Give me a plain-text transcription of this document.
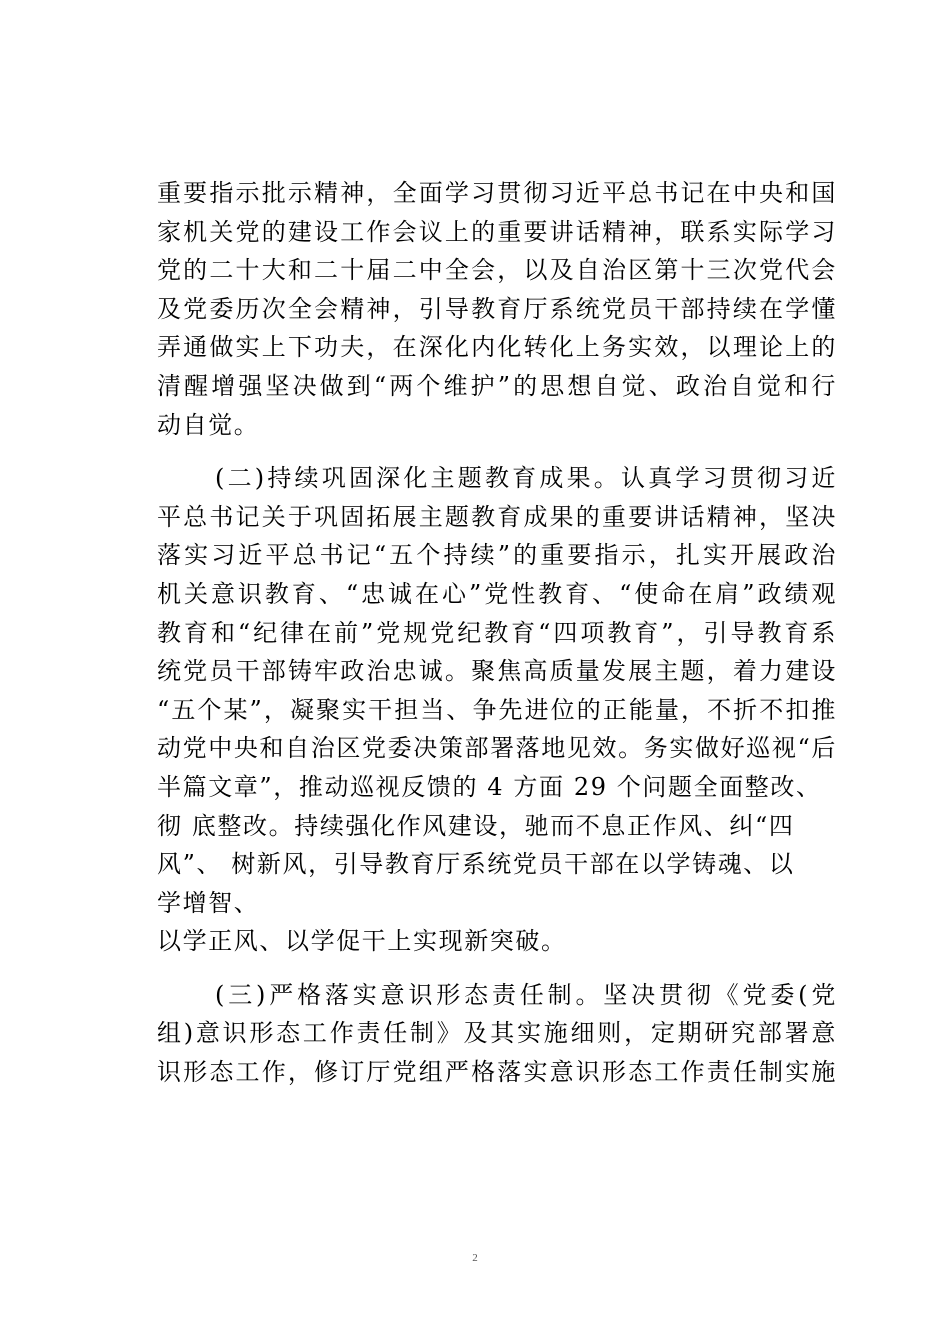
重要指示批示精神，全面学习贯彻习近平总书记在中央和国
家机关党的建设工作会议上的重要讲话精神，联系实际学习
党的二十大和二十届二中全会，以及自治区第十三次党代会
及党委历次全会精神，引导教育厅系统党员干部持续在学懂
弄通做实上下功夫，在深化内化转化上务实效，以理论上的
清醒增强坚决做到“两个维护”的思想自觉、政治自觉和行
动自觉。
(二)持续巩固深化主题教育成果。认真学习贯彻习近
平总书记关于巩固拓展主题教育成果的重要讲话精神，坚决
落实习近平总书记“五个持续”的重要指示，扎实开展政治
机关意识教育、“忠诚在心”党性教育、“使命在肩”政绩观
教育和“纪律在前”党规党纪教育“四项教育”，引导教育系
统党员干部铸牢政治忠诚。聚焦高质量发展主题，着力建设
“五个某”，凝聚实干担当、争先进位的正能量，不折不扣推
动党中央和自治区党委决策部署落地见效。务实做好巡视“后
半篇文章”，推动巡视反馈的 4 方面 29 个问题全面整改、
彻 底整改。持续强化作风建设，驰而不息正作风、纠“四
风”、 树新风，引导教育厅系统党员干部在以学铸魂、以
学增智、
以学正风、以学促干上实现新突破。
(三)严格落实意识形态责任制。坚决贯彻《党委(党
组)意识形态工作责任制》及其实施细则，定期研究部署意
识形态工作，修订厅党组严格落实意识形态工作责任制实施
2
